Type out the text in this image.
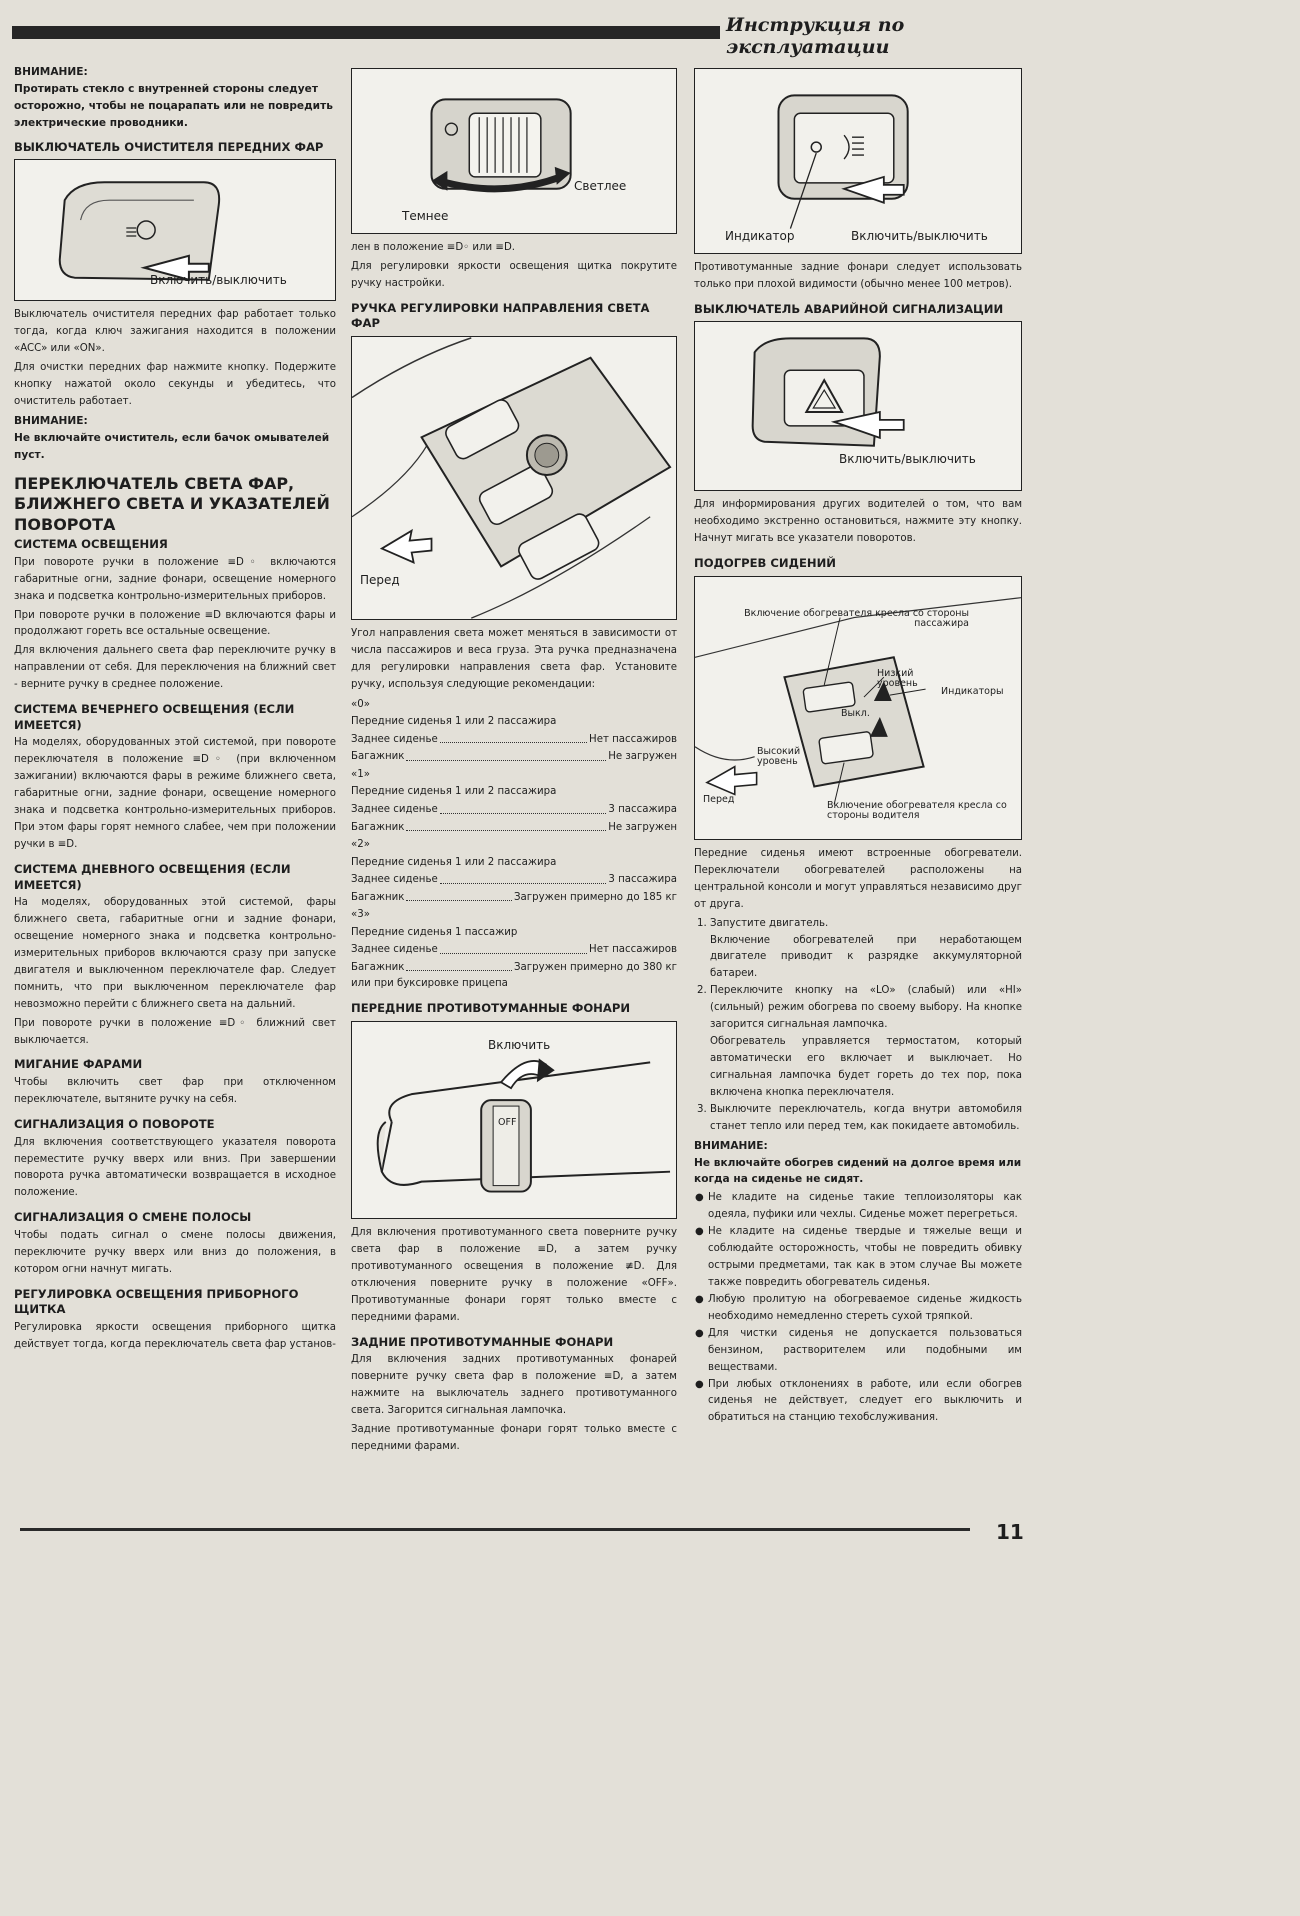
Инструкция по эксплуатации
ВНИМАНИЕ:
Протирать стекло с внутренней стороны следует осторожно, чтобы не поцарапать или не повредить электрические проводники.
ВЫКЛЮЧАТЕЛЬ ОЧИСТИТЕЛЯ ПЕРЕДНИХ ФАР
Включить/выключить

Выключатель очистителя передних фар работает только тогда, когда ключ зажигания находится в положении «ACC» или «ON».

Для очистки передних фар нажмите кнопку. Подержите кнопку нажатой около секунды и убедитесь, что очиститель работает.

ВНИМАНИЕ:
Не включайте очиститель, если бачок омывателей пуст.
ПЕРЕКЛЮЧАТЕЛЬ СВЕТА ФАР, БЛИЖНЕГО СВЕТА И УКАЗАТЕЛЕЙ ПОВОРОТА
СИСТЕМА ОСВЕЩЕНИЯ

При повороте ручки в положение ≡D◦ включаются габаритные огни, задние фонари, освещение номерного знака и подсветка контрольно-измерительных приборов.

При повороте ручки в положение ≡D включаются фары и продолжают гореть все остальные освещение.

Для включения дальнего света фар переключите ручку в направлении от себя. Для переключения на ближний свет - верните ручку в среднее положение.

СИСТЕМА ВЕЧЕРНЕГО ОСВЕЩЕНИЯ (ЕСЛИ ИМЕЕТСЯ)

На моделях, оборудованных этой системой, при повороте переключателя в положение ≡D◦ (при включенном зажигании) включаются фары в режиме ближнего света, габаритные огни, задние фонари, освещение номерного знака и подсветка контрольно-измерительных приборов. При этом фары горят немного слабее, чем при положении ручки в ≡D.

СИСТЕМА ДНЕВНОГО ОСВЕЩЕНИЯ (ЕСЛИ ИМЕЕТСЯ)

На моделях, оборудованных этой системой, фары ближнего света, габаритные огни и задние фонари, освещение номерного знака и подсветка контрольно-измерительных приборов включаются сразу при запуске двигателя и выключенном переключателе фар. Следует помнить, что при выключенном переключателе фар невозможно перейти с ближнего света на дальний.

При повороте ручки в положение ≡D◦ ближний свет выключается.

МИГАНИЕ ФАРАМИ

Чтобы включить свет фар при отключенном переключателе, вытяните ручку на себя.

СИГНАЛИЗАЦИЯ О ПОВОРОТЕ

Для включения соответствующего указателя поворота переместите ручку вверх или вниз. При завершении поворота ручка автоматически возвращается в исходное положение.

СИГНАЛИЗАЦИЯ О СМЕНЕ ПОЛОСЫ

Чтобы подать сигнал о смене полосы движения, переключите ручку вверх или вниз до положения, в котором огни начнут мигать.

РЕГУЛИРОВКА ОСВЕЩЕНИЯ ПРИБОРНОГО ЩИТКА

Регулировка яркости освещения приборного щитка действует тогда, когда переключатель света фар установ-

Темнее
Светлее

лен в положение ≡D◦ или ≡D.

Для регулировки яркости освещения щитка покрутите ручку настройки.

РУЧКА РЕГУЛИРОВКИ НАПРАВЛЕНИЯ СВЕТА ФАР
Перед

Угол направления света может меняться в зависимости от числа пассажиров и веса груза. Эта ручка предназначена для регулировки направления света фар. Установите ручку, используя следующие рекомендации:

«0»
Передние сиденья 1 или 2 пассажира
Заднее сиденье	Нет пассажиров
Багажник	Не загружен
«1»
Передние сиденья 1 или 2 пассажира
Заднее сиденье	3 пассажира
Багажник	Не загружен
«2»
Передние сиденья 1 или 2 пассажира
Заднее сиденье	3 пассажира
Багажник	Загружен примерно до 185 кг
«3»
Передние сиденья 1 пассажир
Заднее сиденье	Нет пассажиров
Багажник	Загружен примерно до 380 кг

или при буксировке прицепа

ПЕРЕДНИЕ ПРОТИВОТУМАННЫЕ ФОНАРИ
Включить
OFF

Для включения противотуманного света поверните ручку света фар в положение ≡D, а затем ручку противотуманного освещения в положение ≢D. Для отключения поверните ручку в положение «OFF». Противотуманные фонари горят только вместе с передними фарами.

ЗАДНИЕ ПРОТИВОТУМАННЫЕ ФОНАРИ

Для включения задних противотуманных фонарей поверните ручку света фар в положение ≡D, а затем нажмите на выключатель заднего противотуманного света. Загорится сигнальная лампочка.

Задние противотуманные фонари горят только вместе с передними фарами.

Индикатор	Включить/выключить

Противотуманные задние фонари следует использовать только при плохой видимости (обычно менее 100 метров).

ВЫКЛЮЧАТЕЛЬ АВАРИЙНОЙ СИГНАЛИЗАЦИИ
Включить/выключить

Для информирования других водителей о том, что вам необходимо экстренно остановиться, нажмите эту кнопку. Начнут мигать все указатели поворотов.

ПОДОГРЕВ СИДЕНИЙ
Включение обогревателя кресла со стороны пассажира
Низкий уровень
Индикаторы
Выкл.
Высокий уровень
Перед
Включение обогревателя кресла со стороны водителя

Передние сиденья имеют встроенные обогреватели. Переключатели обогревателей расположены на центральной консоли и могут управляться независимо друг от друга.

1. Запустите двигатель.
Включение обогревателей при неработающем двигателе приводит к разрядке аккумуляторной батареи.
2. Переключите кнопку на «LO» (слабый) или «HI» (сильный) режим обогрева по своему выбору. На кнопке загорится сигнальная лампочка.
Обогреватель управляется термостатом, который автоматически его включает и выключает. Но сигнальная лампочка будет гореть до тех пор, пока включена кнопка переключателя.
3. Выключите переключатель, когда внутри автомобиля станет тепло или перед тем, как покидаете автомобиль.
ВНИМАНИЕ:
Не включайте обогрев сидений на долгое время или когда на сиденье не сидят.
● Не кладите на сиденье такие теплоизоляторы как одеяла, пуфики или чехлы. Сиденье может перегреться.
● Не кладите на сиденье твердые и тяжелые вещи и соблюдайте осторожность, чтобы не повредить обивку острыми предметами, так как в этом случае Вы можете также повредить обогреватель сиденья.
● Любую пролитую на обогреваемое сиденье жидкость необходимо немедленно стереть сухой тряпкой.
● Для чистки сиденья не допускается пользоваться бензином, растворителем или подобными им веществами.
● При любых отклонениях в работе, или если обогрев сиденья не действует, следует его выключить и обратиться на станцию техобслуживания.
11
